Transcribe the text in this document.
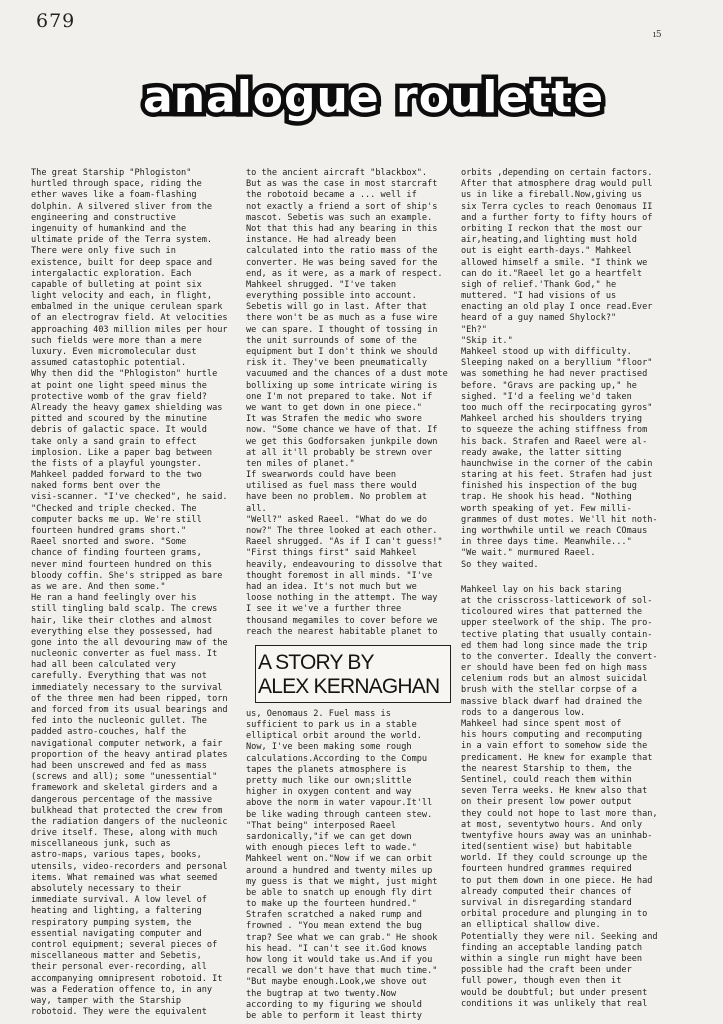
679
ı5
analogue roulette
The great Starship "Phlogiston"
hurtled through space, riding the
ether waves like a foam-flashing
dolphin. A silvered sliver from the
engineering and constructive
ingenuity of humankind and the
ultimate pride of the Terra system.
There were only five such in
existence, built for deep space and
intergalactic exploration. Each
capable of bulleting at point six
light velocity and each, in flight,
embalmed in the unique cerulean spark
of an electrograv field. At velocities
approaching 403 million miles per hour
such fields were more than a mere
luxury. Even micromolecular dust
assumed catastophic potential.
Why then did the "Phlogiston" hurtle
at point one light speed minus the
protective womb of the grav field?
Already the heavy gamex shielding was
pitted and scoured by the minutine
debris of galactic space. It would
take only a sand grain to effect
implosion. Like a paper bag between
the fists of a playful youngster.
Mahkeel padded forward to the two
naked forms bent over the
visi-scanner. "I've checked", he said.
"Checked and triple checked. The
computer backs me up. We're still
fourteen hundred grams short."
Raeel snorted and swore. "Some
chance of finding fourteen grams,
never mind fourteen hundred on this
bloody coffin. She's stripped as bare
as we are. And then some."
He ran a hand feelingly over his
still tingling bald scalp. The crews
hair, like their clothes and almost
everything else they possessed, had
gone into the all devouring maw of the
nucleonic converter as fuel mass. It
had all been calculated very
carefully. Everything that was not
immediately necessary to the survival
of the three men had been ripped, torn
and forced from its usual bearings and
fed into the nucleonic gullet. The
padded astro-couches, half the
navigational computer network, a fair
proportion of the heavy antirad plates
had been unscrewed and fed as mass
(screws and all); some "unessential"
framework and skeletal girders and a
dangerous percentage of the massive
bulkhead that protected the crew from
the radiation dangers of the nucleonic
drive itself. These, along with much
miscellaneous junk, such as
astro-maps, various tapes, books,
utensils, video-recorders and personal
items. What remained was what seemed
absolutely necessary to their
immediate survival. A low level of
heating and lighting, a faltering
respiratory pumping system, the
essential navigating computer and
control equipment; several pieces of
miscellaneous matter and Sebetis,
their personal ever-recording, all
accompanying omnipresent robotoid. It
was a Federation offence to, in any
way, tamper with the Starship
robotoid. They were the equivalent
to the ancient aircraft "blackbox".
But as was the case in most starcraft
the robotoid became a ... well if
not exactly a friend a sort of ship's
mascot. Sebetis was such an example.
Not that this had any bearing in this
instance. He had already been
calculated into the ratio mass of the
converter. He was being saved for the
end, as it were, as a mark of respect.
Mahkeel shrugged. "I've taken
everything possible into account.
Sebetis will go in last. After that
there won't be as much as a fuse wire
we can spare. I thought of tossing in
the unit surrounds of some of the
equipment but I don't think we should
risk it. They've been pneumatically
vacuumed and the chances of a dust mote
bollixing up some intricate wiring is
one I'm not prepared to take. Not if
we want to get down in one piece."
It was Strafen the medic who swore
now. "Some chance we have of that. If
we get this Godforsaken junkpile down
at all it'll probably be strewn over
ten miles of planet."
If swearwords could have been
utilised as fuel mass there would
have been no problem. No problem at
all.
"Well?" asked Raeel. "What do we do
now?" The three looked at each other.
Raeel shrugged. "As if I can't guess!"
"First things first" said Mahkeel
heavily, endeavouring to dissolve that
thought foremost in all minds. "I've
had an idea. It's not much but we
loose nothing in the attempt. The way
I see it we've a further three
thousand megamiles to cover before we
reach the nearest habitable planet to
A STORY BY
ALEX KERNAGHAN
us, Oenomaus 2. Fuel mass is
sufficient to park us in a stable
elliptical orbit around the world.
Now, I've been making some rough
calculations.According to the Compu
tapes the planets atmosphere is
pretty much like our own;slittle
higher in oxygen content and way
above the norm in water vapour.It'll
be like wading through canteen stew.
"That being" interposed Raeel
sardonically,"if we can get down
with enough pieces left to wade."
Mahkeel went on."Now if we can orbit
around a hundred and twenty miles up
my guess is that we might, just might
be able to snatch up enough fly dirt
to make up the fourteen hundred."
Strafen scratched a naked rump and
frowned . "You mean extend the bug
trap? See what we can grab." He shook
his head. "I can't see it.God knows
how long it would take us.And if you
recall we don't have that much time."
"But maybe enough.Look,we shove out
the bugtrap at two twenty.Now
according to my figuring we should
be able to perform it least thirty
orbits ,depending on certain factors.
After that atmosphere drag would pull
us in like a fireball.Now,giving us
six Terra cycles to reach Oenomaus II
and a further forty to fifty hours of
orbiting I reckon that the most our
air,heating,and lighting must hold
out is eight earth-days." Mahkeel
allowed himself a smile. "I think we
can do it."Raeel let go a heartfelt
sigh of relief.'Thank God," he
muttered. "I had visions of us
enacting an old play I once read.Ever
heard of a guy named Shylock?"
"Eh?"
"Skip it."
Mahkeel stood up with difficulty.
Sleeping naked on a beryllium "floor"
was something he had never practised
before. "Gravs are packing up," he
sighed. "I'd a feeling we'd taken
too much off the recirpocating gyros"
Mahkeel arched his shoulders trying
to squeeze the aching stiffness from
his back. Strafen and Raeel were al-
ready awake, the latter sitting
haunchwise in the corner of the cabin
staring at his feet. Strafen had just
finished his inspection of the bug
trap. He shook his head. "Nothing
worth speaking of yet. Few milli-
grammes of dust motes. We'll hit noth-
ing worthwhile until we reach COmaus
in three days time. Meanwhile..."
"We wait." murmured Raeel.
So they waited.
Mahkeel lay on his back staring
at the crisscross-latticework of sol-
ticoloured wires that patterned the
upper steelwork of the ship. The pro-
tective plating that usually contain-
ed them had long since made the trip
to the converter. Ideally the convert-
er should have been fed on high mass
celenium rods but an almost suicidal
brush with the stellar corpse of a
massive black dwarf had drained the
rods to a dangerous low.
Mahkeel had since spent most of
his hours computing and recomputing
in a vain effort to somehow side the
predicament. He knew for example that
the nearest Starship to them, the
Sentinel, could reach them within
seven Terra weeks. He knew also that
on their present low power output
they could not hope to last more than,
at most, seventytwo hours. And only
twentyfive hours away was an uninhab-
ited(sentient wise) but habitable
world. If they could scrounge up the
fourteen hundred grammes required
to put them down in one piece. He had
already computed their chances of
survival in disregarding standard
orbital procedure and plunging in to
an elliptical shallow dive.
Potentially they were nil. Seeking and
finding an acceptable landing patch
within a single run might have been
possible had the craft been under
full power, though even then it
would be doubtful; but under present
conditions it was unlikely that real
